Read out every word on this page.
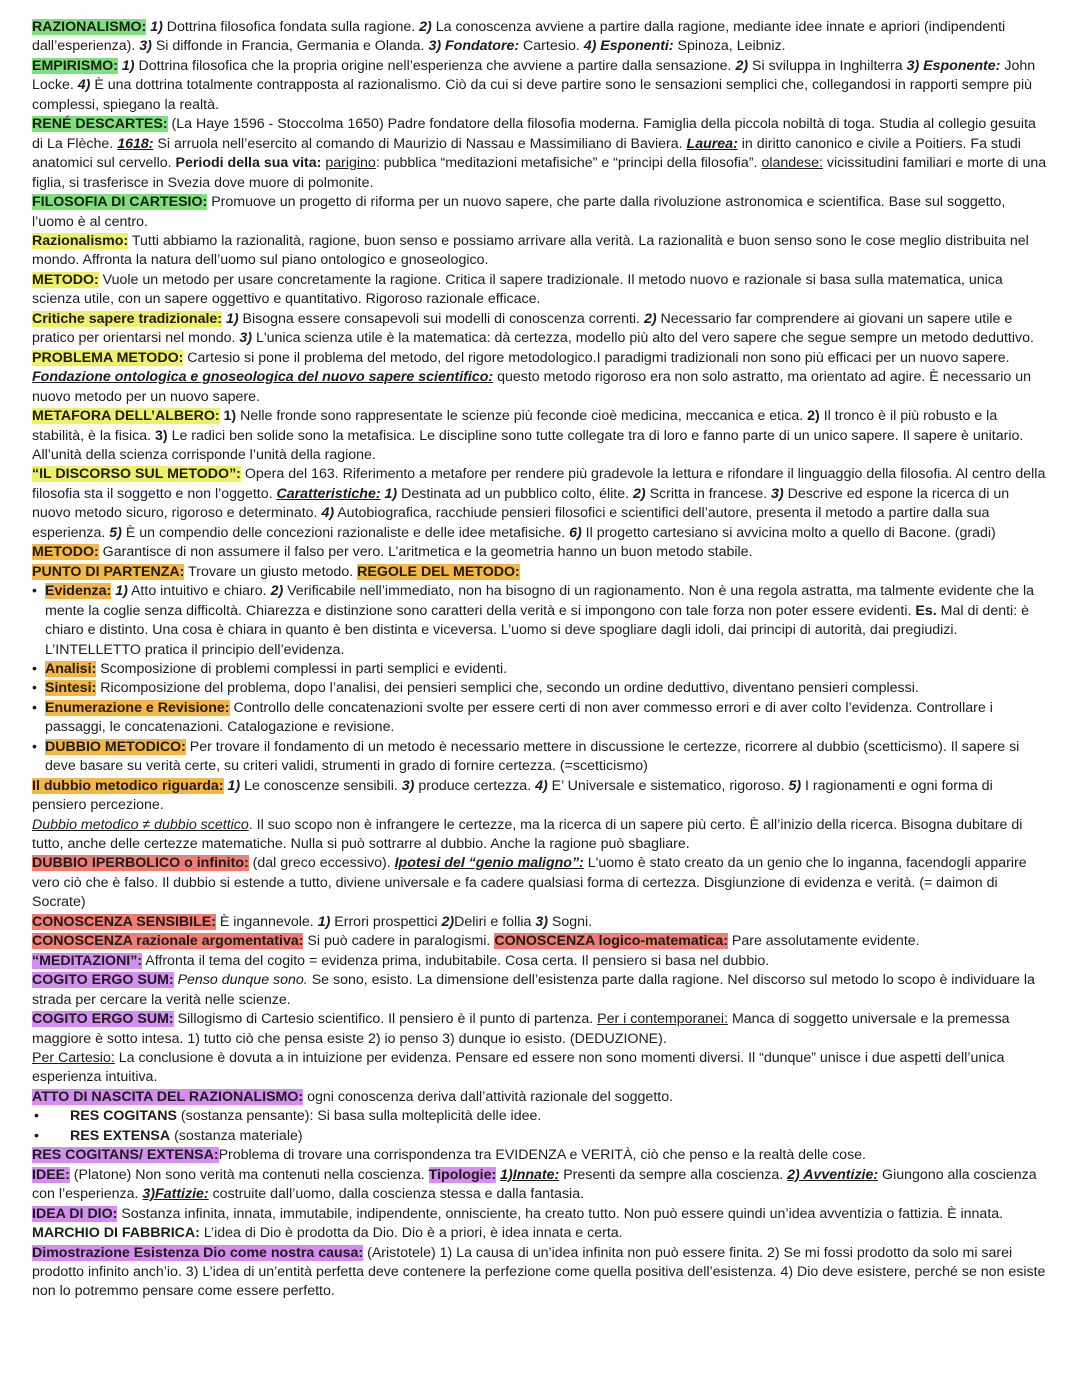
RAZIONALISMO: 1) Dottrina filosofica fondata sulla ragione. 2) La conoscenza avviene a partire dalla ragione, mediante idee innate e apriori (indipendenti dall’esperienza). 3) Si diffonde in Francia, Germania e Olanda. 3) Fondatore: Cartesio. 4) Esponenti: Spinoza, Leibniz.
EMPIRISMO: 1) Dottrina filosofica che la propria origine nell’esperienza che avviene a partire dalla sensazione. 2) Si sviluppa in Inghilterra 3) Esponente: John Locke. 4) È una dottrina totalmente contrapposta al razionalismo. Ciò da cui si deve partire sono le sensazioni semplici che, collegandosi in rapporti sempre più complessi, spiegano la realtà.
RENÉ DESCARTES: (La Haye 1596 - Stoccolma 1650) Padre fondatore della filosofia moderna. Famiglia della piccola nobiltà di toga. Studia al collegio gesuita di La Flèche. 1618: Si arruola nell’esercito al comando di Maurizio di Nassau e Massimiliano di Baviera. Laurea: in diritto canonico e civile a Poitiers. Fa studi anatomici sul cervello. Periodi della sua vita: parigino: pubblica “meditazioni metafisiche” e “principi della filosofia”. olandese: vicissitudini familiari e morte di una figlia, si trasferisce in Svezia dove muore di polmonite.
FILOSOFIA DI CARTESIO: Promuove un progetto di riforma per un nuovo sapere, che parte dalla rivoluzione astronomica e scientifica. Base sul soggetto, l’uomo è al centro.
Razionalismo: Tutti abbiamo la razionalità, ragione, buon senso e possiamo arrivare alla verità. La razionalità e buon senso sono le cose meglio distribuita nel mondo. Affronta la natura dell’uomo sul piano ontologico e gnoseologico.
METODO: Vuole un metodo per usare concretamente la ragione. Critica il sapere tradizionale. Il metodo nuovo e razionale si basa sulla matematica, unica scienza utile, con un sapere oggettivo e quantitativo. Rigoroso razionale efficace.
Critiche sapere tradizionale: 1) Bisogna essere consapevoli sui modelli di conoscenza correnti. 2) Necessario far comprendere ai giovani un sapere utile e pratico per orientarsi nel mondo. 3) L'unica scienza utile è la matematica: dà certezza, modello più alto del vero sapere che segue sempre un metodo deduttivo.
PROBLEMA METODO: Cartesio si pone il problema del metodo, del rigore metodologico.I paradigmi tradizionali non sono più efficaci per un nuovo sapere. Fondazione ontologica e gnoseologica del nuovo sapere scientifico: questo metodo rigoroso era non solo astratto, ma orientato ad agire. È necessario un nuovo metodo per un nuovo sapere.
METAFORA DELL’ALBERO: 1) Nelle fronde sono rappresentate le scienze più feconde cioè medicina, meccanica e etica. 2) Il tronco è il più robusto e la stabilità, è la fisica. 3) Le radici ben solide sono la metafisica. Le discipline sono tutte collegate tra di loro e fanno parte di un unico sapere. Il sapere è unitario. All’unità della scienza corrisponde l’unità della ragione.
“IL DISCORSO SUL METODO”: Opera del 163. Riferimento a metafore per rendere più gradevole la lettura e rifondare il linguaggio della filosofia. Al centro della filosofia sta il soggetto e non l’oggetto. Caratteristiche: 1) Destinata ad un pubblico colto, élite. 2) Scritta in francese. 3) Descrive ed espone la ricerca di un nuovo metodo sicuro, rigoroso e determinato. 4) Autobiografica, racchiude pensieri filosofici e scientifici dell’autore, presenta il metodo a partire dalla sua esperienza. 5) È un compendio delle concezioni razionaliste e delle idee metafisiche. 6) Il progetto cartesiano si avvicina molto a quello di Bacone. (gradi)
METODO: Garantisce di non assumere il falso per vero. L’aritmetica e la geometria hanno un buon metodo stabile.
PUNTO DI PARTENZA: Trovare un giusto metodo. REGOLE DEL METODO:
• Evidenza: 1) Atto intuitivo e chiaro. 2) Verificabile nell’immediato, non ha bisogno di un ragionamento. Non è una regola astratta, ma talmente evidente che la mente la coglie senza difficoltà. Chiarezza e distinzione sono caratteri della verità e si impongono con tale forza non poter essere evidenti. Es. Mal di denti: è chiaro e distinto. Una cosa è chiara in quanto è ben distinta e viceversa. L’uomo si deve spogliare dagli idoli, dai principi di autorità, dai pregiudizi. L’INTELLETTO pratica il principio dell’evidenza.
• Analisi: Scomposizione di problemi complessi in parti semplici e evidenti.
• Sintesi: Ricomposizione del problema, dopo l’analisi, dei pensieri semplici che, secondo un ordine deduttivo, diventano pensieri complessi.
• Enumerazione e Revisione: Controllo delle concatenazioni svolte per essere certi di non aver commesso errori e di aver colto l’evidenza. Controllare i passaggi, le concatenazioni. Catalogazione e revisione.
• DUBBIO METODICO: Per trovare il fondamento di un metodo è necessario mettere in discussione le certezze, ricorrere al dubbio (scetticismo). Il sapere si deve basare su verità certe, su criteri validi, strumenti in grado di fornire certezza. (=scetticismo)
Il dubbio metodico riguarda: 1) Le conoscenze sensibili. 3) produce certezza. 4) E’ Universale e sistematico, rigoroso. 5) I ragionamenti e ogni forma di pensiero percezione.
Dubbio metodico ≠ dubbio scettico. Il suo scopo non è infrangere le certezze, ma la ricerca di un sapere più certo. È all’inizio della ricerca. Bisogna dubitare di tutto, anche delle certezze matematiche. Nulla si può sottrarre al dubbio. Anche la ragione può sbagliare.
DUBBIO IPERBOLICO o infinito: (dal greco eccessivo). Ipotesi del “genio maligno”: L'uomo è stato creato da un genio che lo inganna, facendogli apparire vero ciò che è falso. Il dubbio si estende a tutto, diviene universale e fa cadere qualsiasi forma di certezza. Disgiunzione di evidenza e verità. (= daimon di Socrate)
CONOSCENZA SENSIBILE: È ingannevole. 1) Errori prospettici 2)Deliri e follia 3) Sogni.
CONOSCENZA razionale argomentativa: Si può cadere in paralogismi. CONOSCENZA logico-matematica: Pare assolutamente evidente.
“MEDITAZIONI”: Affronta il tema del cogito = evidenza prima, indubitabile. Cosa certa. Il pensiero si basa nel dubbio.
COGITO ERGO SUM: Penso dunque sono. Se sono, esisto. La dimensione dell’esistenza parte dalla ragione. Nel discorso sul metodo lo scopo è individuare la strada per cercare la verità nelle scienze.
COGITO ERGO SUM: Sillogismo di Cartesio scientifico. Il pensiero è il punto di partenza. Per i contemporanei: Manca di soggetto universale e la premessa maggiore è sotto intesa. 1) tutto ciò che pensa esiste 2) io penso 3) dunque io esisto. (DEDUZIONE).
Per Cartesio: La conclusione è dovuta a in intuizione per evidenza. Pensare ed essere non sono momenti diversi. Il “dunque” unisce i due aspetti dell’unica esperienza intuitiva.
ATTO DI NASCITA DEL RAZIONALISMO: ogni conoscenza deriva dall’attività razionale del soggetto.
• RES COGITANS (sostanza pensante): Si basa sulla molteplicità delle idee.
• RES EXTENSA (sostanza materiale)
RES COGITANS/ EXTENSA:Problema di trovare una corrispondenza tra EVIDENZA e VERITÀ, ciò che penso e la realtà delle cose.
IDEE: (Platone) Non sono verità ma contenuti nella coscienza. Tipologie: 1)Innate: Presenti da sempre alla coscienza. 2) Avventizie: Giungono alla coscienza con l’esperienza. 3)Fattizie: costruite dall’uomo, dalla coscienza stessa e dalla fantasia.
IDEA DI DIO: Sostanza infinita, innata, immutabile, indipendente, onnisciente, ha creato tutto. Non può essere quindi un’idea avventizia o fattizia. È innata. MARCHIO DI FABBRICA: L’idea di Dio è prodotta da Dio. Dio è a priori, è idea innata e certa.
Dimostrazione Esistenza Dio come nostra causa: (Aristotele) 1) La causa di un’idea infinita non può essere finita. 2) Se mi fossi prodotto da solo mi sarei prodotto infinito anch’io. 3) L’idea di un’entità perfetta deve contenere la perfezione come quella positiva dell’esistenza. 4) Dio deve esistere, perché se non esiste non lo potremmo pensare come essere perfetto.
